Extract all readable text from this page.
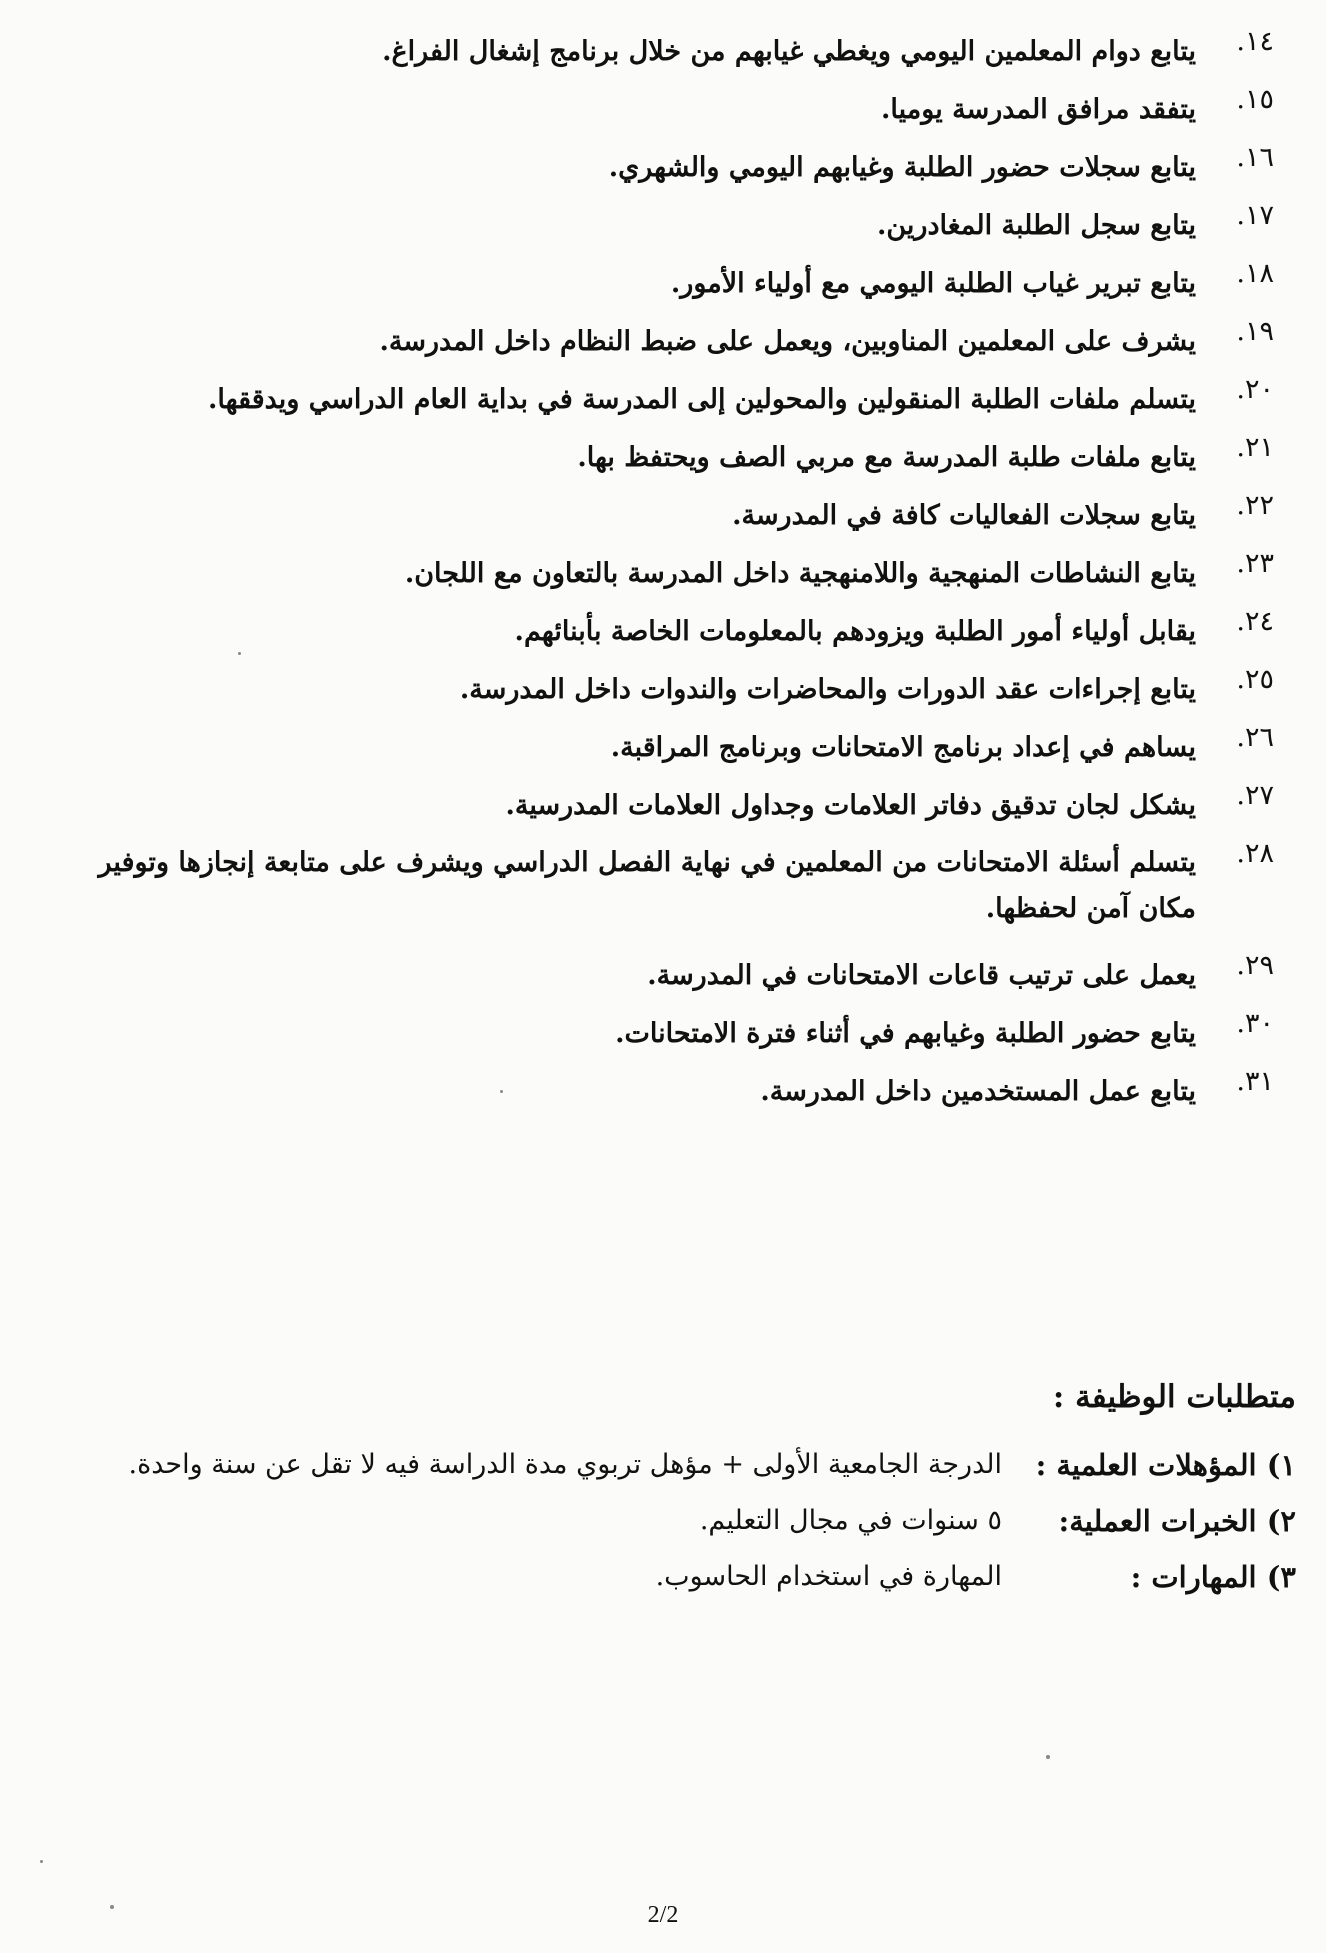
١٤.
يتابع دوام المعلمين اليومي ويغطي غيابهم من خلال برنامج إشغال الفراغ.
١٥.
يتفقد مرافق المدرسة يوميا.
١٦.
يتابع سجلات حضور الطلبة وغيابهم اليومي والشهري.
١٧.
يتابع سجل الطلبة المغادرين.
١٨.
يتابع تبرير غياب الطلبة اليومي مع أولياء الأمور.
١٩.
يشرف على المعلمين المناوبين، ويعمل على ضبط النظام داخل المدرسة.
٢٠.
يتسلم ملفات الطلبة المنقولين والمحولين إلى المدرسة في بداية العام الدراسي ويدققها.
٢١.
يتابع ملفات طلبة المدرسة مع مربي الصف ويحتفظ بها.
٢٢.
يتابع سجلات الفعاليات كافة في المدرسة.
٢٣.
يتابع النشاطات المنهجية واللامنهجية داخل المدرسة بالتعاون مع اللجان.
٢٤.
يقابل أولياء أمور الطلبة ويزودهم بالمعلومات الخاصة بأبنائهم.
٢٥.
يتابع إجراءات عقد الدورات والمحاضرات والندوات داخل المدرسة.
٢٦.
يساهم في إعداد برنامج الامتحانات وبرنامج المراقبة.
٢٧.
يشكل لجان تدقيق دفاتر العلامات وجداول العلامات المدرسية.
٢٨.
يتسلم أسئلة الامتحانات من المعلمين في نهاية الفصل الدراسي ويشرف على متابعة إنجازها وتوفير مكان آمن لحفظها.
٢٩.
يعمل على ترتيب قاعات الامتحانات في المدرسة.
٣٠.
يتابع حضور الطلبة وغيابهم في أثناء فترة الامتحانات.
٣١.
يتابع عمل المستخدمين داخل المدرسة.
متطلبات الوظيفة :
١) المؤهلات العلمية :
الدرجة الجامعية الأولى + مؤهل تربوي مدة الدراسة فيه لا تقل عن سنة واحدة.
٢) الخبرات العملية:
٥ سنوات في مجال التعليم.
٣) المهارات :
المهارة في استخدام الحاسوب.
2/2
